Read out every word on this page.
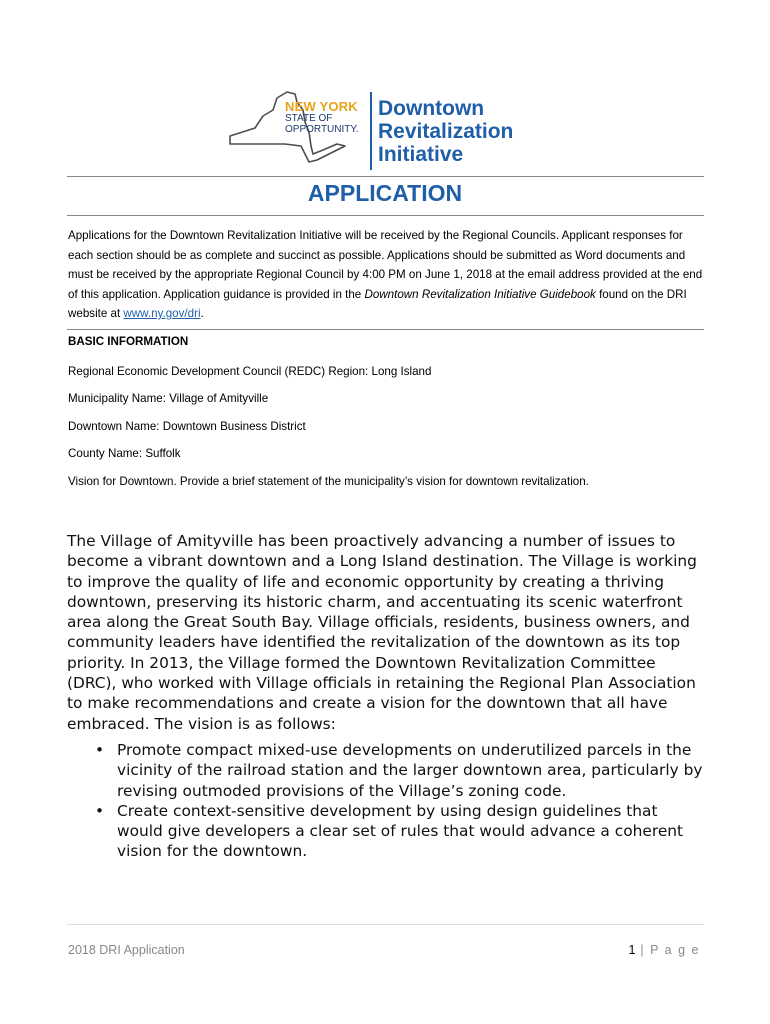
NEW YORK
STATE OF
OPPORTUNITY.
Downtown
Revitalization
Initiative
APPLICATION
Applications for the Downtown Revitalization Initiative will be received by the Regional Councils. Applicant responses for each section should be as complete and succinct as possible. Applications should be submitted as Word documents and must be received by the appropriate Regional Council by 4:00 PM on June 1, 2018 at the email address provided at the end of this application. Application guidance is provided in the Downtown Revitalization Initiative Guidebook found on the DRI website at www.ny.gov/dri.
BASIC INFORMATION
Regional Economic Development Council (REDC) Region: Long Island
Municipality Name: Village of Amityville
Downtown Name: Downtown Business District
County Name: Suffolk
Vision for Downtown. Provide a brief statement of the municipality’s vision for downtown revitalization.

The Village of Amityville has been proactively advancing a number of issues to become a vibrant downtown and a Long Island destination. The Village is working to improve the quality of life and economic opportunity by creating a thriving downtown, preserving its historic charm, and accentuating its scenic waterfront area along the Great South Bay. Village officials, residents, business owners, and community leaders have identified the revitalization of the downtown as its top priority. In 2013, the Village formed the Downtown Revitalization Committee (DRC), who worked with Village officials in retaining the Regional Plan Association to make recommendations and create a vision for the downtown that all have embraced. The vision is as follows:

• Promote compact mixed-use developments on underutilized parcels in the vicinity of the railroad station and the larger downtown area, particularly by revising outmoded provisions of the Village’s zoning code.
• Create context-sensitive development by using design guidelines that would give developers a clear set of rules that would advance a coherent vision for the downtown.
2018 DRI Application	1 | P a g e
